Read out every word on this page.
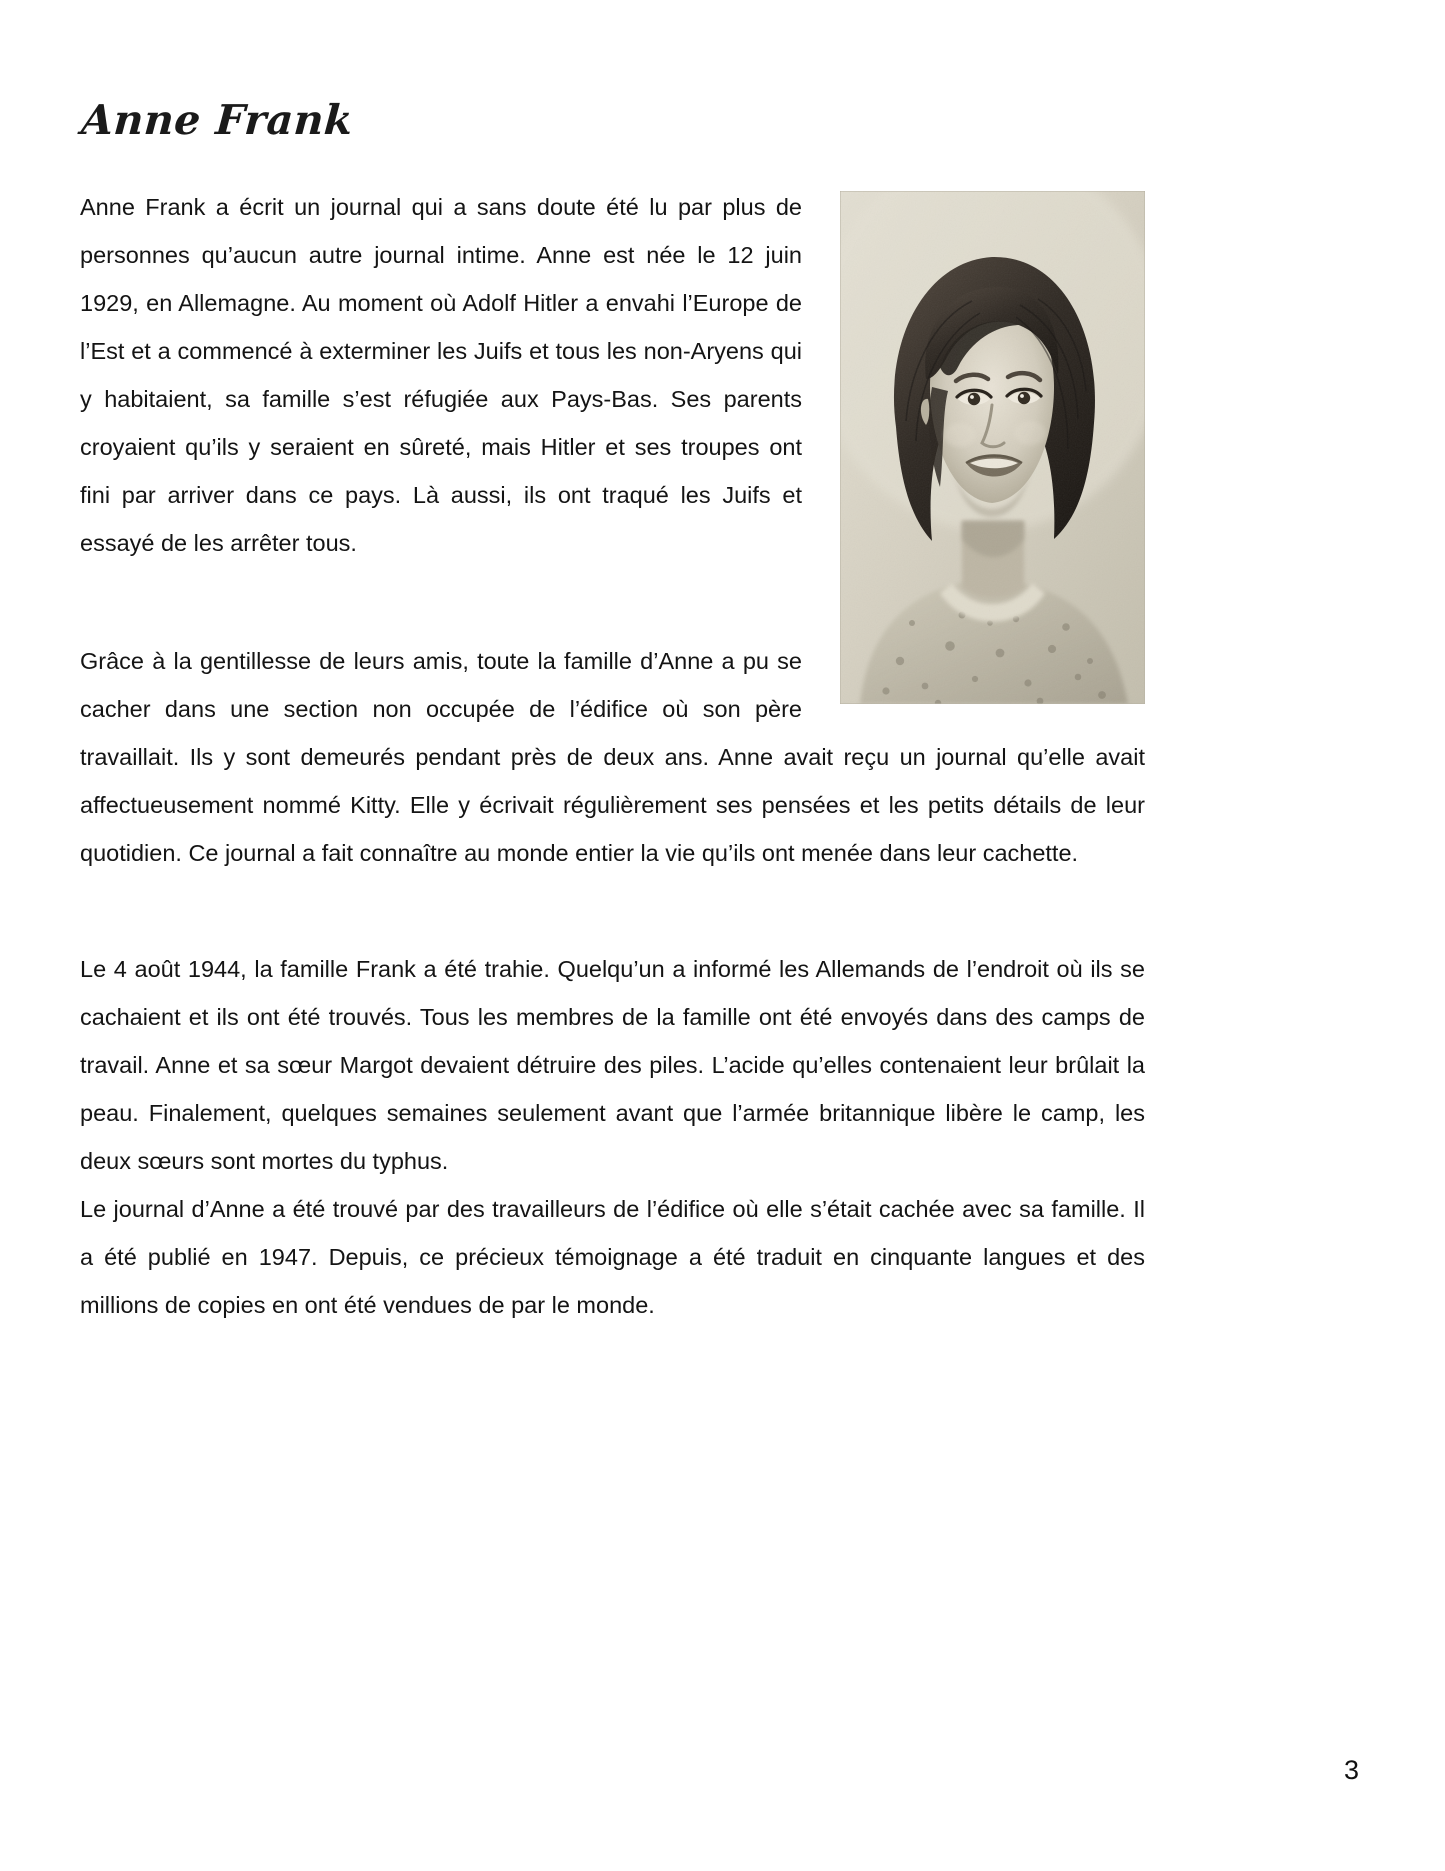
Anne Frank

Anne Frank a écrit un journal qui a sans doute été lu par plus de personnes qu’aucun autre journal intime. Anne est née le 12 juin 1929, en Allemagne. Au moment où Adolf Hitler a envahi l’Europe de l’Est et a commencé à exterminer les Juifs et tous les non-Aryens qui y habitaient, sa famille s’est réfugiée aux Pays-Bas. Ses parents croyaient qu’ils y seraient en sûreté, mais Hitler et ses troupes ont fini par arriver dans ce pays. Là aussi, ils ont traqué les Juifs et essayé de les arrêter tous.

Grâce à la gentillesse de leurs amis, toute la famille d’Anne a pu se cacher dans une section non occupée de l’édifice où son père travaillait. Ils y sont demeurés pendant près de deux ans. Anne avait reçu un journal qu’elle avait affectueusement nommé Kitty. Elle y écrivait régulièrement ses pensées et les petits détails de leur quotidien. Ce journal a fait connaître au monde entier la vie qu’ils ont menée dans leur cachette.

Le 4 août 1944, la famille Frank a été trahie. Quelqu’un a informé les Allemands de l’endroit où ils se cachaient et ils ont été trouvés. Tous les membres de la famille ont été envoyés dans des camps de travail. Anne et sa sœur Margot devaient détruire des piles. L’acide qu’elles contenaient leur brûlait la peau. Finalement, quelques semaines seulement avant que l’armée britannique libère le camp, les deux sœurs sont mortes du typhus.

Le journal d’Anne a été trouvé par des travailleurs de l’édifice où elle s’était cachée avec sa famille. Il a été publié en 1947. Depuis, ce précieux témoignage a été traduit en cinquante langues et des millions de copies en ont été vendues de par le monde.

3
